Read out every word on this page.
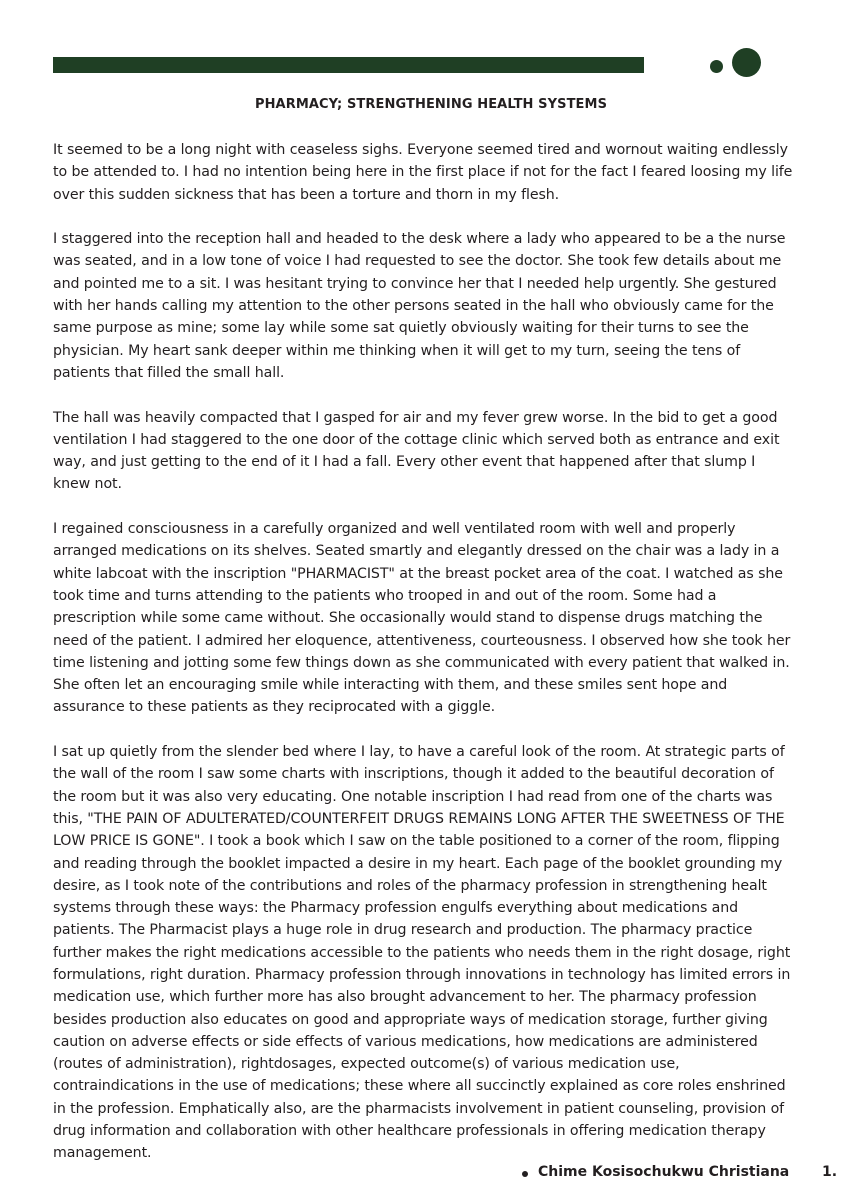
PHARMACY; STRENGTHENING HEALTH SYSTEMS

It seemed to be a long night with ceaseless sighs. Everyone seemed tired and wornout waiting endlessly to be attended to. I had no intention being here in the first place if not for the fact I feared loosing my life over this sudden sickness that has been a torture and thorn in my flesh.

I staggered into the reception hall and headed to the desk where a lady who appeared to be a the nurse was seated, and in a low tone of voice I had requested to see the doctor. She took few details about me and pointed me to a sit. I was hesitant trying to convince her that I needed help urgently. She gestured with her hands calling my attention to the other persons seated in the hall who obviously came for the same purpose as mine; some lay while some sat quietly obviously waiting for their turns to see the physician. My heart sank deeper within me thinking when it will get to my turn, seeing the tens of patients that filled the small hall.

The hall was heavily compacted that I gasped for air and my fever grew worse. In the bid to get a good ventilation I had staggered to the one door of the cottage clinic which served both as entrance and exit way, and just getting to the end of it I had a fall. Every other event that happened after that slump I knew not.

I regained consciousness in a carefully organized and well ventilated room with well and properly arranged medications on its shelves. Seated smartly and elegantly dressed on the chair was a lady in a white labcoat with the inscription "PHARMACIST" at the breast pocket area of the coat. I watched as she took time and turns attending to the patients who trooped in and out of the room. Some had a prescription while some came without. She occasionally would stand to dispense drugs matching the need of the patient. I admired her eloquence, attentiveness, courteousness. I observed how she took her time listening and jotting some few things down as she communicated with every patient that walked in. She often let an encouraging smile while interacting with them, and these smiles sent hope and assurance to these patients as they reciprocated with a giggle.

I sat up quietly from the slender bed where I lay, to have a careful look of the room. At strategic parts of the wall of the room I saw some charts with inscriptions, though it added to the beautiful decoration of the room but it was also very educating. One notable inscription I had read from one of the charts was this, "THE PAIN OF ADULTERATED/COUNTERFEIT DRUGS REMAINS LONG AFTER THE SWEETNESS OF THE LOW PRICE IS GONE". I took a book which I saw on the table positioned to a corner of the room, flipping and reading through the booklet impacted a desire in my heart. Each page of the booklet grounding my desire, as I took note of the contributions and roles of the pharmacy profession in strengthening healt systems through these ways: the Pharmacy profession engulfs everything about medications and patients. The Pharmacist plays a huge role in drug research and production. The pharmacy practice further makes the right medications accessible to the patients who needs them in the right dosage, right formulations, right duration. Pharmacy profession through innovations in technology has limited errors in medication use, which further more has also brought advancement to her. The pharmacy profession besides production also educates on good and appropriate ways of medication storage, further giving caution on adverse effects or side effects of various medications, how medications are administered (routes of administration), rightdosages, expected outcome(s) of various medication use, contraindications in the use of medications; these where all succinctly explained as core roles enshrined in the profession. Emphatically also, are the pharmacists involvement in patient counseling, provision of drug information and collaboration with other healthcare professionals in offering medication therapy management.

Chime Kosisochukwu Christiana 1.
